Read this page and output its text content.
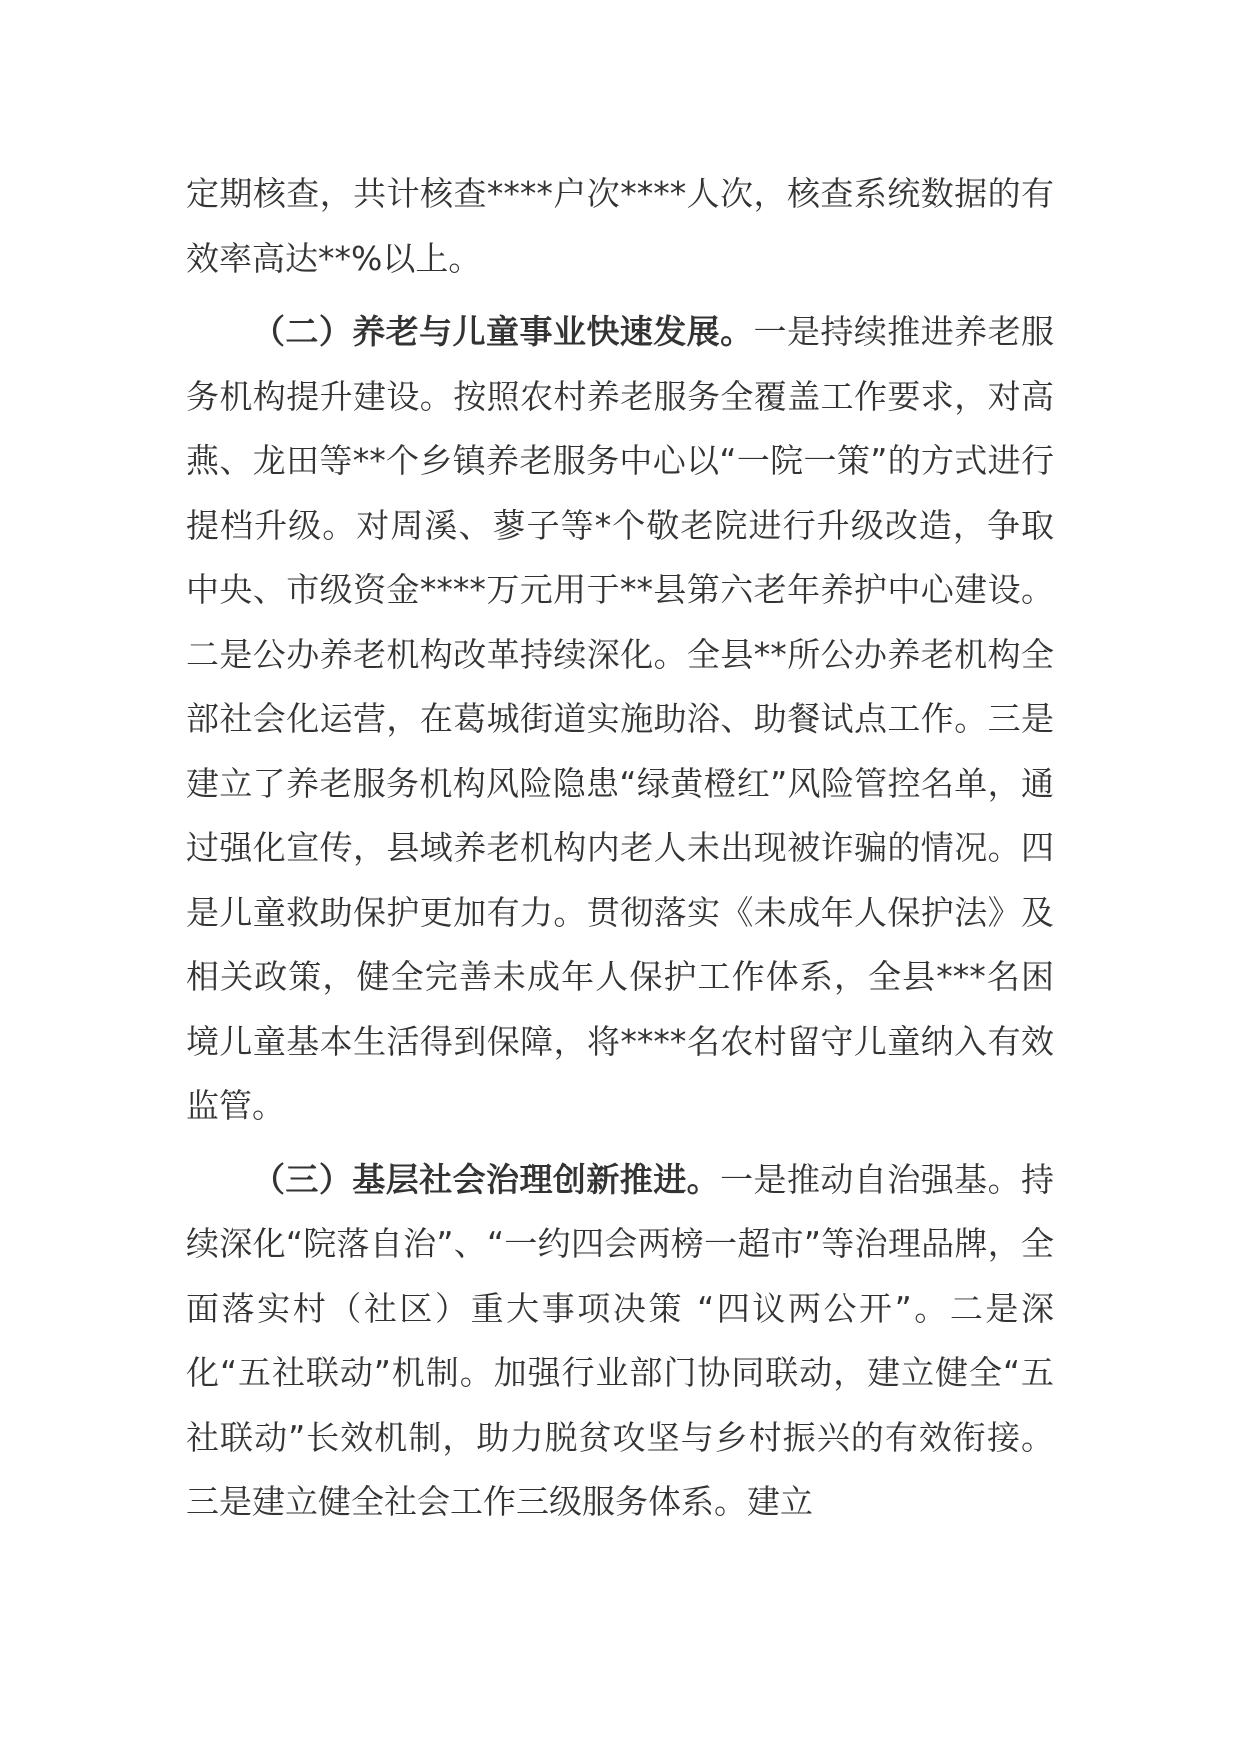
定期核查，共计核查****户次****人次，核查系统数据的有效率高达**%以上。

（二）养老与儿童事业快速发展。一是持续推进养老服务机构提升建设。按照农村养老服务全覆盖工作要求，对高燕、龙田等**个乡镇养老服务中心以“一院一策”的方式进行提档升级。对周溪、蓼子等*个敬老院进行升级改造，争取中央、市级资金****万元用于**县第六老年养护中心建设。二是公办养老机构改革持续深化。全县**所公办养老机构全部社会化运营，在葛城街道实施助浴、助餐试点工作。三是建立了养老服务机构风险隐患“绿黄橙红”风险管控名单，通过强化宣传，县域养老机构内老人未出现被诈骗的情况。四是儿童救助保护更加有力。贯彻落实《未成年人保护法》及相关政策，健全完善未成年人保护工作体系，全县***名困境儿童基本生活得到保障，将****名农村留守儿童纳入有效监管。

（三）基层社会治理创新推进。一是推动自治强基。持续深化“院落自治”、“一约四会两榜一超市”等治理品牌，全面落实村（社区）重大事项决策 “四议两公开”。二是深化“五社联动”机制。加强行业部门协同联动，建立健全“五社联动”长效机制，助力脱贫攻坚与乡村振兴的有效衔接。三是建立健全社会工作三级服务体系。建立
